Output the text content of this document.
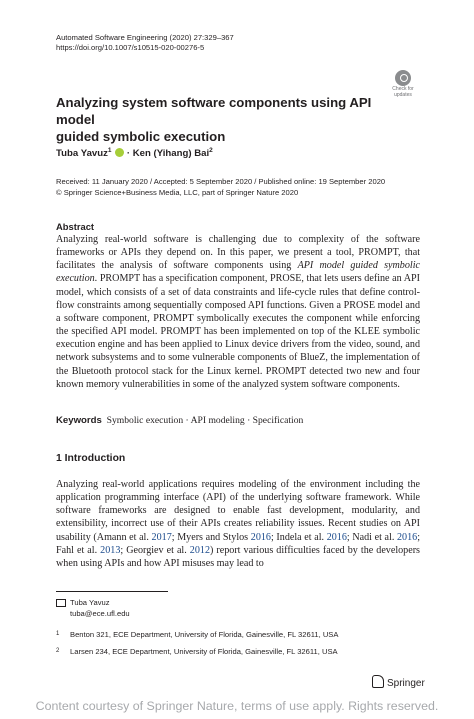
Automated Software Engineering (2020) 27:329–367
https://doi.org/10.1007/s10515-020-00276-5
Check for
updates
Analyzing system software components using API model
guided symbolic execution
Tuba Yavuz$^1$  · Ken (Yihang) Bai$^2$
Received: 11 January 2020 / Accepted: 5 September 2020 / Published online: 19 September 2020
© Springer Science+Business Media, LLC, part of Springer Nature 2020
Abstract
Analyzing real-world software is challenging due to complexity of the software frameworks or APIs they depend on. In this paper, we present a tool, PROMPT, that facilitates the analysis of software components using API model guided symbolic execution. PROMPT has a specification component, PROSE, that lets users define an API model, which consists of a set of data constraints and life-cycle rules that define control-flow constraints among sequentially composed API functions. Given a PROSE model and a software component, PROMPT symbolically executes the component while enforcing the specified API model. PROMPT has been implemented on top of the KLEE symbolic execution engine and has been applied to Linux device drivers from the video, sound, and network subsystems and to some vulnerable components of BlueZ, the implementation of the Bluetooth protocol stack for the Linux kernel. PROMPT detected two new and four known memory vulnerabilities in some of the analyzed system software components.
Keywords Symbolic execution · API modeling · Specification
1 Introduction
Analyzing real-world applications requires modeling of the environment including the application programming interface (API) of the underlying software framework. While software frameworks are designed to enable fast development, modularity, and extensibility, incorrect use of their APIs creates reliability issues. Recent studies on API usability (Amann et al. 2017; Myers and Stylos 2016; Indela et al. 2016; Nadi et al. 2016; Fahl et al. 2013; Georgiev et al. 2012) report various difficulties faced by the developers when using APIs and how API misuses may lead to
Tuba Yavuz
tuba@ece.ufl.edu
1 Benton 321, ECE Department, University of Florida, Gainesville, FL 32611, USA
2 Larsen 234, ECE Department, University of Florida, Gainesville, FL 32611, USA
Springer
Content courtesy of Springer Nature, terms of use apply. Rights reserved.
